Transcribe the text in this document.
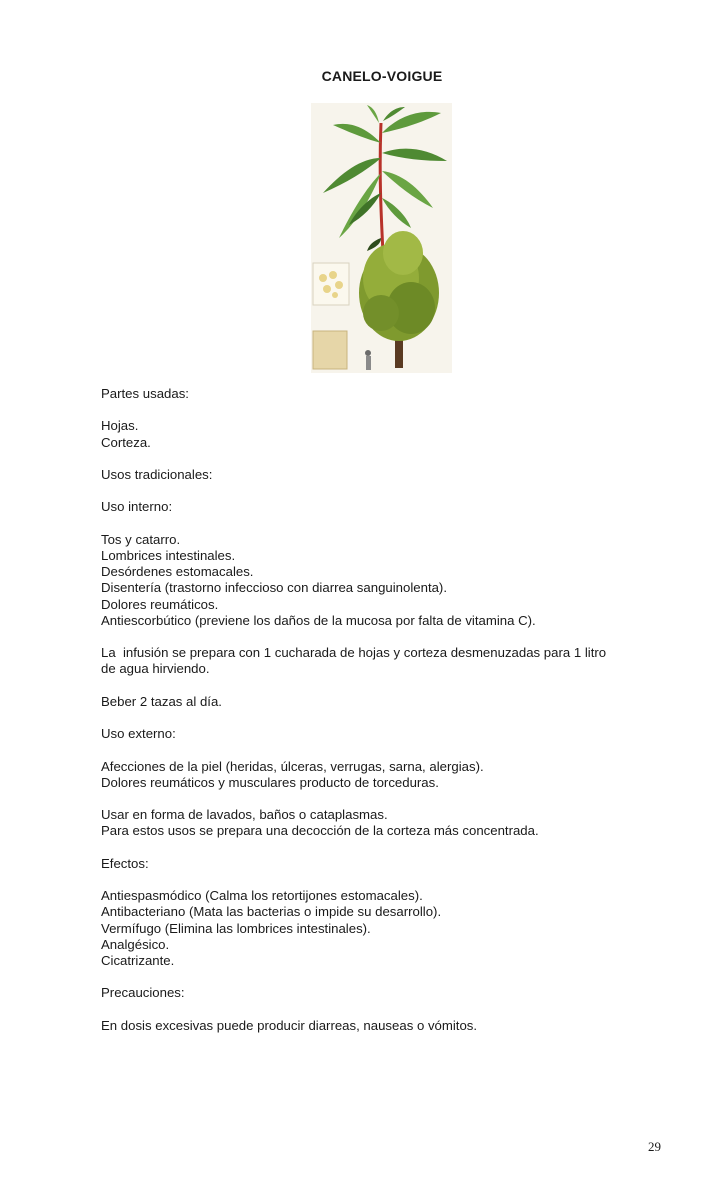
CANELO-VOIGUE

Partes usadas:

Hojas.

Corteza.

Usos tradicionales:

Uso interno:

Tos y catarro.

Lombrices intestinales.

Desórdenes estomacales.

Disentería (trastorno infeccioso con diarrea sanguinolenta).

Dolores reumáticos.

Antiescorbútico (previene los daños de la mucosa por falta de vitamina C).

La  infusión se prepara con 1 cucharada de hojas y corteza desmenuzadas para 1 litro

de agua hirviendo.

Beber 2 tazas al día.

Uso externo:

Afecciones de la piel (heridas, úlceras, verrugas, sarna, alergias).

Dolores reumáticos y musculares producto de torceduras.

Usar en forma de lavados, baños o cataplasmas.

Para estos usos se prepara una decocción de la corteza más concentrada.

Efectos:

Antiespasmódico (Calma los retortijones estomacales).

Antibacteriano (Mata las bacterias o impide su desarrollo).

Vermífugo (Elimina las lombrices intestinales).

Analgésico.

Cicatrizante.

Precauciones:

En dosis excesivas puede producir diarreas, nauseas o vómitos.

29
